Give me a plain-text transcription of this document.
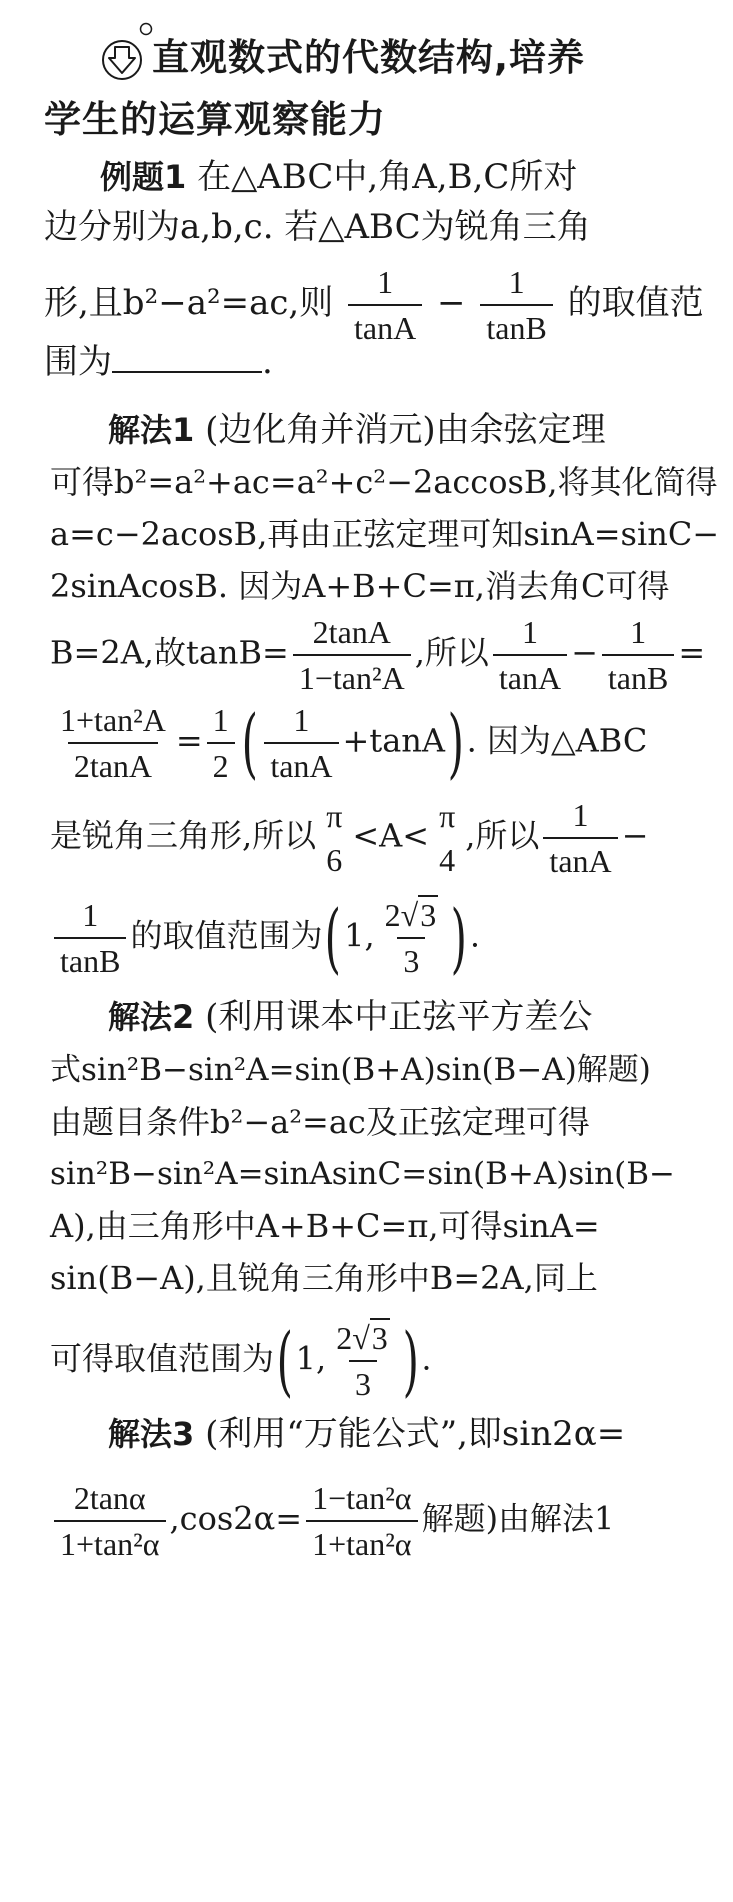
直观数式的代数结构,培养
学生的运算观察能力
例题1 在△ABC中,角A,B,C所对
边分别为a,b,c. 若△ABC为锐角三角
形,且b²−a²=ac,则 $\frac{1}{\tan A} - \frac{1}{\tan B}$ 的取值范
围为	.
解法1 (边化角并消元)由余弦定理
可得b²=a²+ac=a²+c²−2accosB,将其化简得
a=c−2acosB,再由正弦定理可知sinA=sinC−
2sinAcosB. 因为A+B+C=π,消去角C可得
B=2A,故$\tan B= \frac{2\tan A}{\text{1−tan²A}}$ ,所以 $\frac{1}{\tan A} - \frac{1}{\tan B}$ =
$\frac{\text{1+tan²A}}{2\tan A} = \frac{1}{2}$ ( $\frac{1}{\tan A} +\tan A$). 因为△ABC
是锐角三角形,所以
π
6
<A<
π
4
,所以 $\frac{1}{\tan A}$ −
$\frac{1}{\tan B}$ 的取值范围为(1, $\frac{2√3}{3}$ ).
解法2 (利用课本中正弦平方差公
式sin²B−sin²A=sin(B+A)sin(B−A)解题)
由题目条件b²−a²=ac及正弦定理可得
sin²B−sin²A=sinAsinC=sin(B+A)sin(B−
A),由三角形中A+B+C=π,可得sinA=
sin(B−A),且锐角三角形中B=2A,同上
可得取值范围为(1, $\frac{2√3}{3}$ ).
解法3 (利用“万能公式”,即sin2α=
$\frac{2\tan\alpha}{\text{1+tan²α}} ,\cos 2\alpha= \frac{\text{1−tan²α}}{\text{1+tan²α}}$ 解题)由解法1
